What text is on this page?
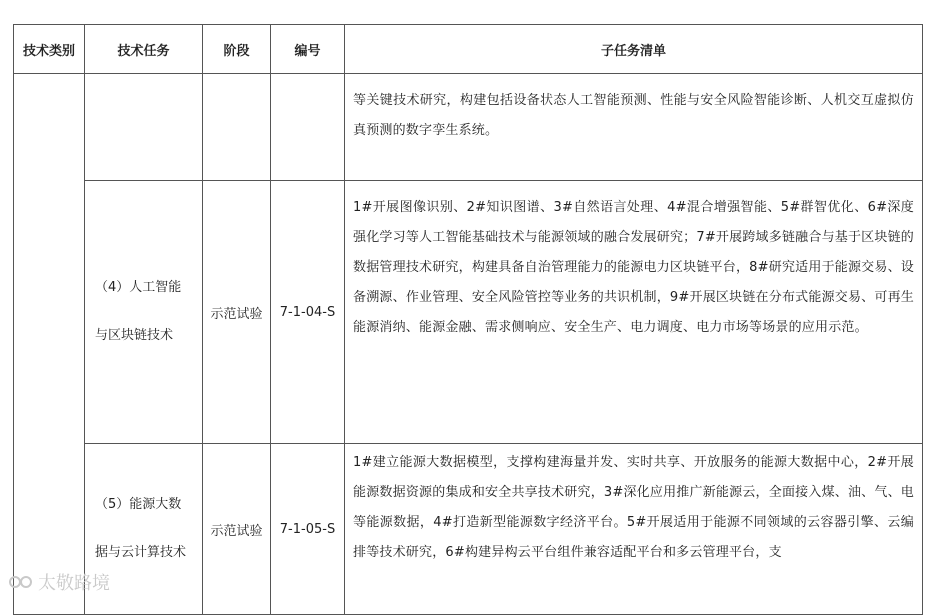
技术类别	技术任务	阶段	编号	子任务清单

				等关键技术研究，构建包括设备状态人工智能预测、性能与安全风险智能诊断、人机交互虚拟仿真预测的数字孪生系统。

	（4）人工智能与区块链技术	示范试验	7-1-04-S	1#开展图像识别、2#知识图谱、3#自然语言处理、4#混合增强智能、5#群智优化、6#深度强化学习等人工智能基础技术与能源领域的融合发展研究；7#开展跨域多链融合与基于区块链的数据管理技术研究，构建具备自治管理能力的能源电力区块链平台，8#研究适用于能源交易、设备溯源、作业管理、安全风险管控等业务的共识机制，9#开展区块链在分布式能源交易、可再生能源消纳、能源金融、需求侧响应、安全生产、电力调度、电力市场等场景的应用示范。

	（5）能源大数据与云计算技术	示范试验	7-1-05-S	1#建立能源大数据模型，支撑构建海量并发、实时共享、开放服务的能源大数据中心，2#开展能源数据资源的集成和安全共享技术研究，3#深化应用推广新能源云，全面接入煤、油、气、电等能源数据，4#打造新型能源数字经济平台。5#开展适用于能源不同领域的云容器引擎、云编排等技术研究，6#构建异构云平台组件兼容适配平台和多云管理平台，支
太敬路境
